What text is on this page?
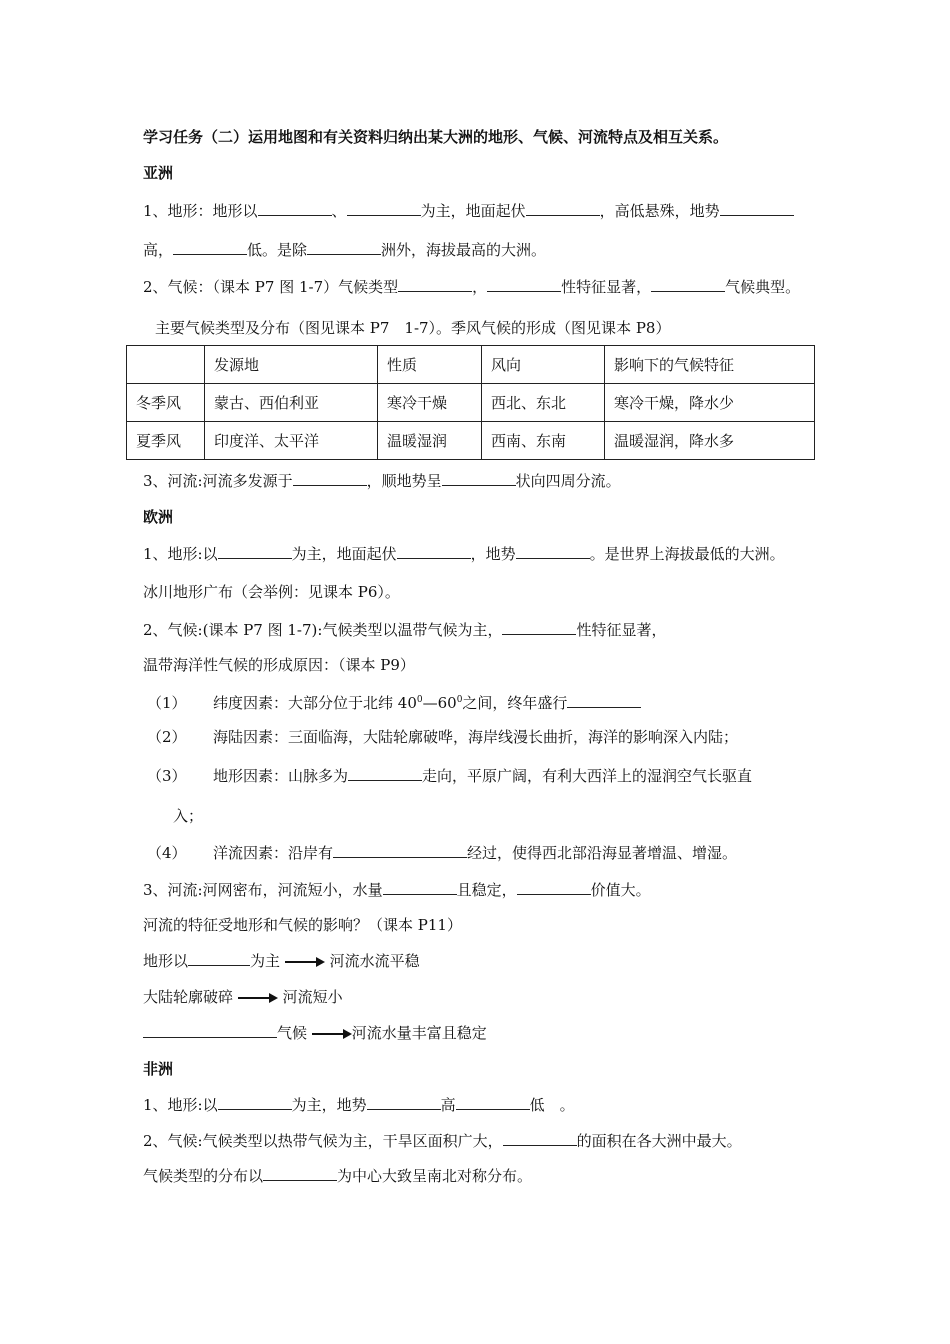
学习任务（二）运用地图和有关资料归纳出某大洲的地形、气候、河流特点及相互关系。
亚洲
1、地形：地形以	、	为主，地面起伏	，高低悬殊，地势
高，	低。是除	洲外，海拔最高的大洲。
2、气候：（课本 P7 图 1-7）气候类型	，	性特征显著，	气候典型。
主要气候类型及分布（图见课本 P7　1-7）。季风气候的形成（图见课本 P8）
	发源地	性质	风向	影响下的气候特征
冬季风	蒙古、西伯利亚	寒冷干燥	西北、东北	寒冷干燥，降水少
夏季风	印度洋、太平洋	温暖湿润	西南、东南	温暖湿润，降水多
3、河流:河流多发源于	，顺地势呈	状向四周分流。
欧洲
1、地形:以	为主，地面起伏	，地势	。是世界上海拔最低的大洲。
冰川地形广布（会举例：见课本 P6）。
2、气候:(课本 P7 图 1-7):气候类型以温带气候为主，	性特征显著，
温带海洋性气候的形成原因：（课本 P9）
（1） 纬度因素：大部分位于北纬 $40^0—60^0$之间，终年盛行
（2） 海陆因素：三面临海，大陆轮廓破哗，海岸线漫长曲折，海洋的影响深入内陆；
（3） 地形因素：山脉多为	走向，平原广阔，有利大西洋上的湿润空气长驱直
入；
（4） 洋流因素：沿岸有	经过，使得西北部沿海显著增温、增湿。
3、河流:河网密布，河流短小，水量	且稳定，	价值大。
河流的特征受地形和气候的影响？（课本 P11）
地形以	为主	河流水流平稳
大陆轮廓破碎	河流短小
气候	河流水量丰富且稳定
非洲
1、地形:以	为主，地势	高	低　。
2、气候:气候类型以热带气候为主，干旱区面积广大，	的面积在各大洲中最大。
气候类型的分布以	为中心大致呈南北对称分布。
